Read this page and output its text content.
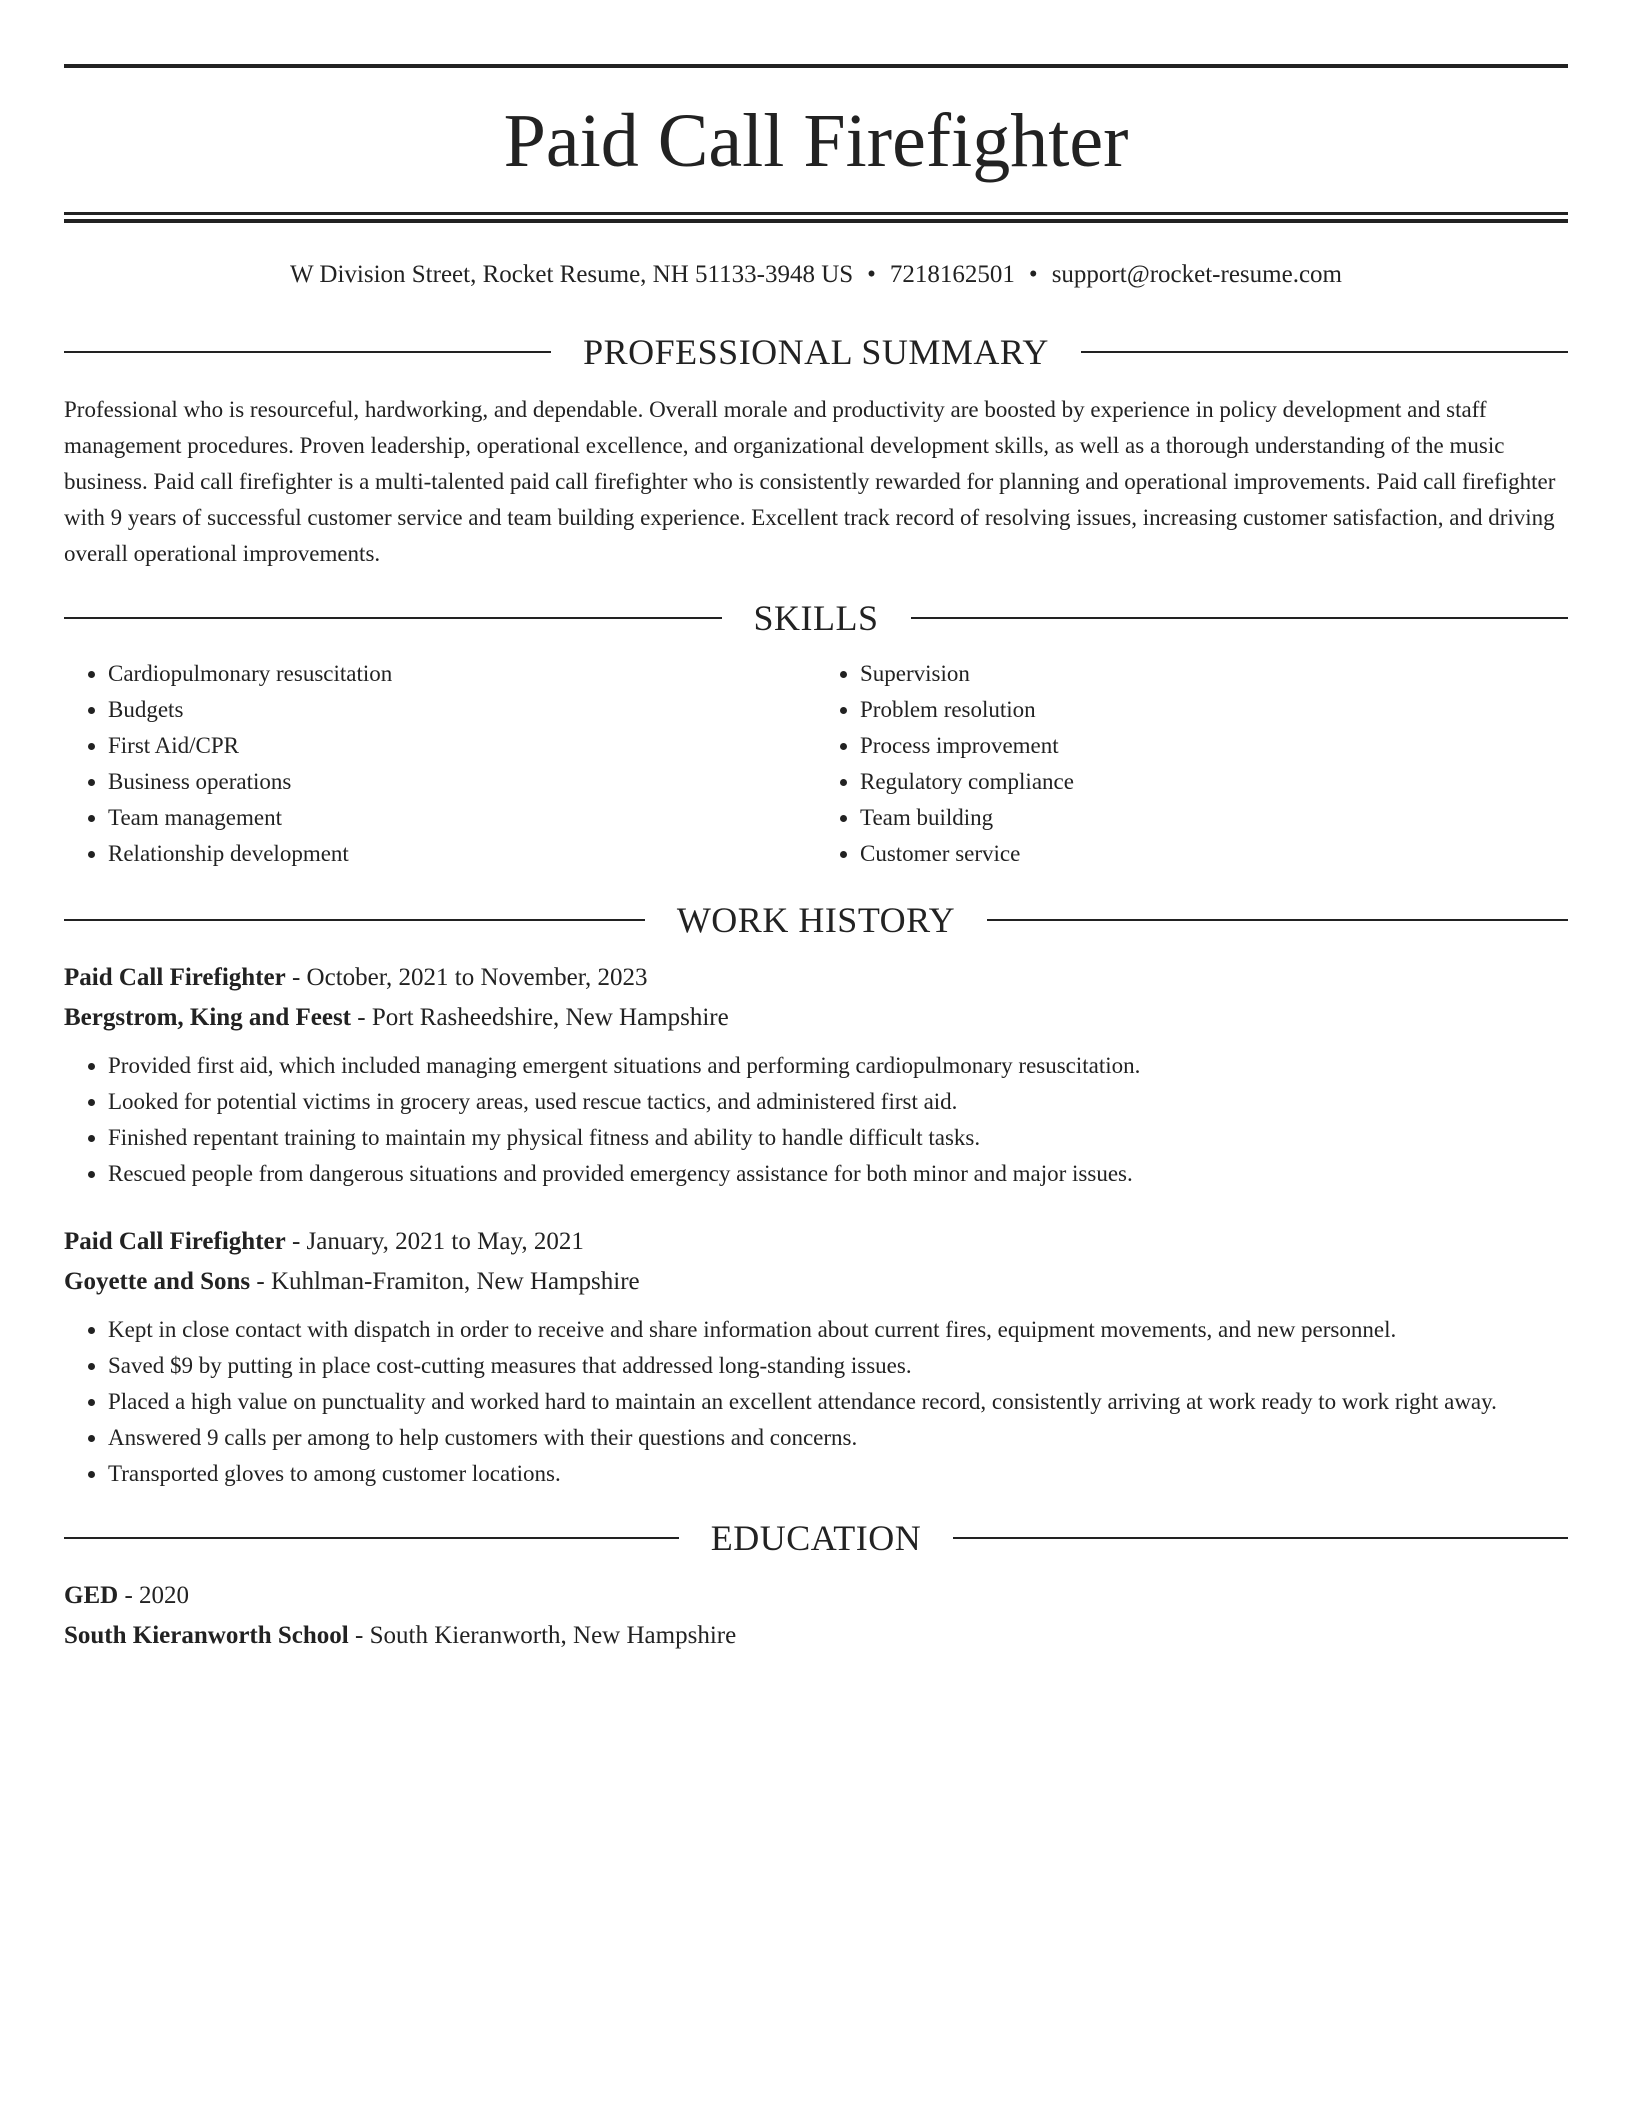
Paid Call Firefighter
W Division Street, Rocket Resume, NH 51133-3948 US • 7218162501 • support@rocket-resume.com
PROFESSIONAL SUMMARY
Professional who is resourceful, hardworking, and dependable. Overall morale and productivity are boosted by experience in policy development and staff management procedures. Proven leadership, operational excellence, and organizational development skills, as well as a thorough understanding of the music business. Paid call firefighter is a multi-talented paid call firefighter who is consistently rewarded for planning and operational improvements. Paid call firefighter with 9 years of successful customer service and team building experience. Excellent track record of resolving issues, increasing customer satisfaction, and driving overall operational improvements.
SKILLS
• Cardiopulmonary resuscitation
• Budgets
• First Aid/CPR
• Business operations
• Team management
• Relationship development
• Supervision
• Problem resolution
• Process improvement
• Regulatory compliance
• Team building
• Customer service
WORK HISTORY
Paid Call Firefighter - October, 2021 to November, 2023
Bergstrom, King and Feest - Port Rasheedshire, New Hampshire
• Provided first aid, which included managing emergent situations and performing cardiopulmonary resuscitation.
• Looked for potential victims in grocery areas, used rescue tactics, and administered first aid.
• Finished repentant training to maintain my physical fitness and ability to handle difficult tasks.
• Rescued people from dangerous situations and provided emergency assistance for both minor and major issues.
Paid Call Firefighter - January, 2021 to May, 2021
Goyette and Sons - Kuhlman-Framiton, New Hampshire
• Kept in close contact with dispatch in order to receive and share information about current fires, equipment movements, and new personnel.
• Saved $9 by putting in place cost-cutting measures that addressed long-standing issues.
• Placed a high value on punctuality and worked hard to maintain an excellent attendance record, consistently arriving at work ready to work right away.
• Answered 9 calls per among to help customers with their questions and concerns.
• Transported gloves to among customer locations.
EDUCATION
GED - 2020
South Kieranworth School - South Kieranworth, New Hampshire
